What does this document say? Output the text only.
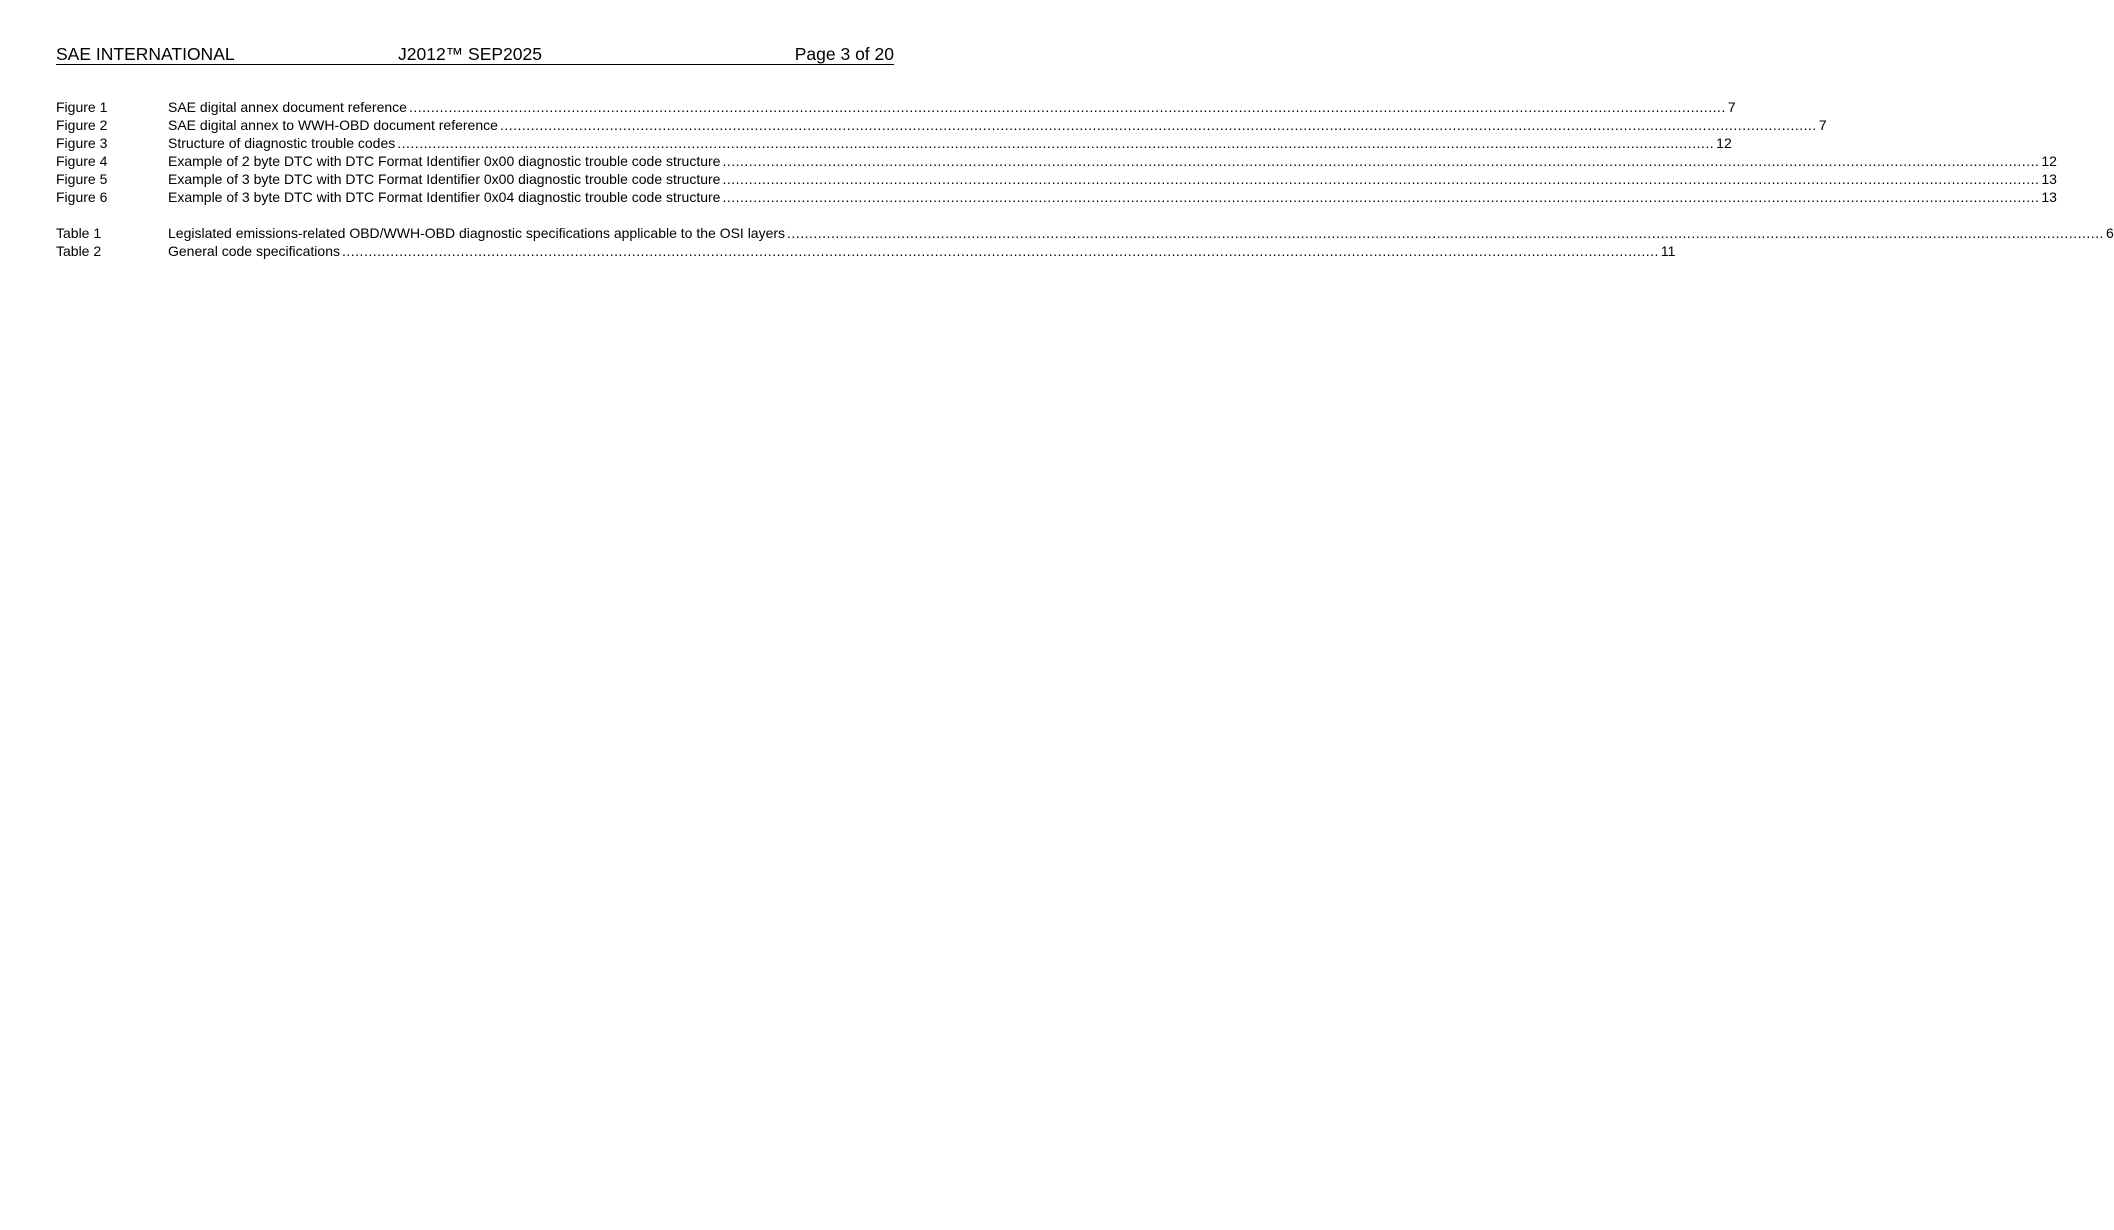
SAE INTERNATIONAL	J2012™ SEP2025	Page 3 of 20
Figure 1	SAE digital annex document reference ............................................................................................................................................................................................................................................................................................................ 7
Figure 2	SAE digital annex to WWH-OBD document reference ............................................................................................................................................................................................................................................................................................................ 7
Figure 3	Structure of diagnostic trouble codes ............................................................................................................................................................................................................................................................................................................ 12
Figure 4	Example of 2 byte DTC with DTC Format Identifier 0x00 diagnostic trouble code structure ............................................................................................................................................................................................................................................................................................................ 12
Figure 5	Example of 3 byte DTC with DTC Format Identifier 0x00 diagnostic trouble code structure ............................................................................................................................................................................................................................................................................................................ 13
Figure 6	Example of 3 byte DTC with DTC Format Identifier 0x04 diagnostic trouble code structure ............................................................................................................................................................................................................................................................................................................ 13
Table 1	Legislated emissions-related OBD/WWH-OBD diagnostic specifications applicable to the OSI layers ............................................................................................................................................................................................................................................................................................................ 6
Table 2	General code specifications ............................................................................................................................................................................................................................................................................................................ 11
